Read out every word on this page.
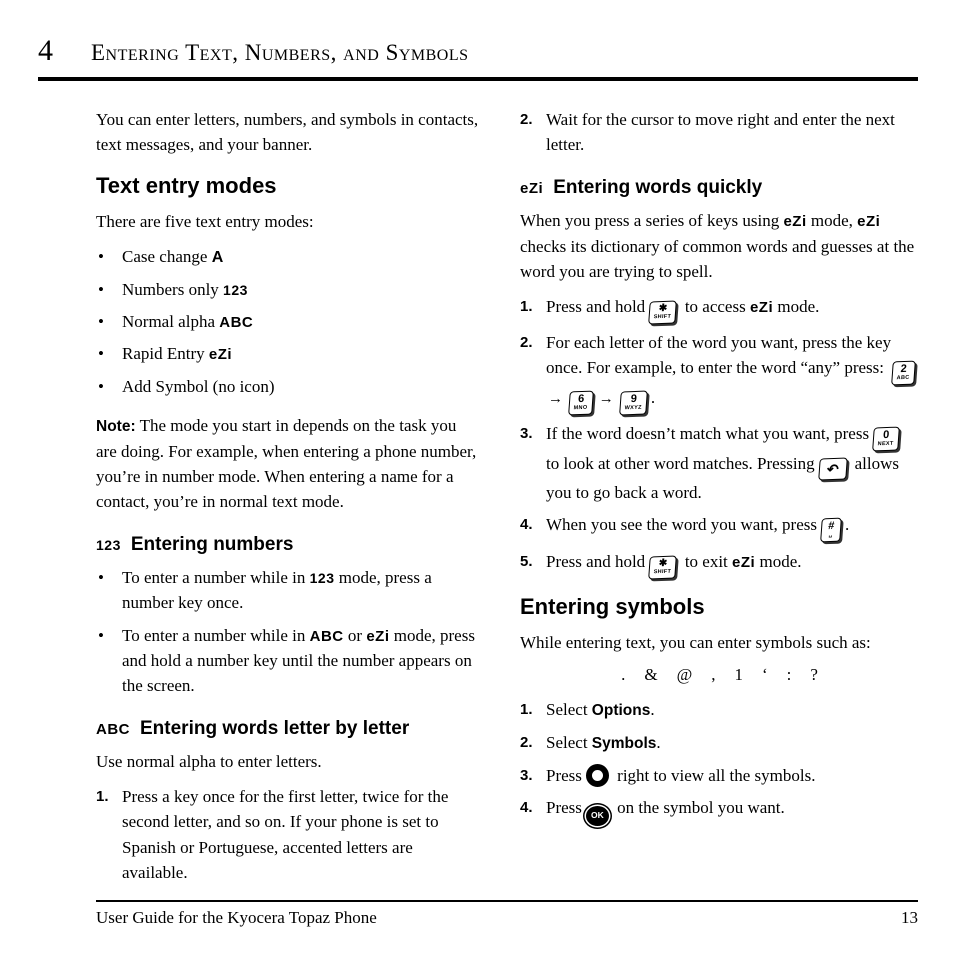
4 Entering Text, Numbers, and Symbols

You can enter letters, numbers, and symbols in contacts, text messages, and your banner.

Text entry modes

There are five text entry modes:

•	Case change A
•	Numbers only 123
•	Normal alpha ABC
•	Rapid Entry eZi
•	Add Symbol (no icon)

Note: The mode you start in depends on the task you are doing. For example, when entering a phone number, you’re in number mode. When entering a name for a contact, you’re in normal text mode.

123 Entering numbers
•	To enter a number while in 123 mode, press a number key once.
•	To enter a number while in ABC or eZi mode, press and hold a number key until the number appears on the screen.
ABC Entering words letter by letter

Use normal alpha to enter letters.

1. Press a key once for the first letter, twice for the second letter, and so on. If your phone is set to Spanish or Portuguese, accented letters are available.
2. Wait for the cursor to move right and enter the next letter.
eZi Entering words quickly

When you press a series of keys using eZi mode, eZi checks its dictionary of common words and guesses at the word you are trying to spell.

1. Press and hold	✱
SHIFT
to access eZi mode.
2. For each letter of the word you want, press the key once. For example, to enter the word “any” press:	2
ABC
→	6
MNO
→	9
WXYZ
.
3. If the word doesn’t match what you want, press	0
NEXT
to look at other word matches. Pressing ↶ allows you to go back a word.
4. When you see the word you want, press #
␣
.
5. Press and hold	✱
SHIFT
to exit eZi mode.
Entering symbols

While entering text, you can enter symbols such as:

. & @ , 1 ‘ : ?

1. Select Options.
2. Select Symbols.
3. Press right to view all the symbols.
4. Press OK on the symbol you want.
User Guide for the Kyocera Topaz Phone	13
